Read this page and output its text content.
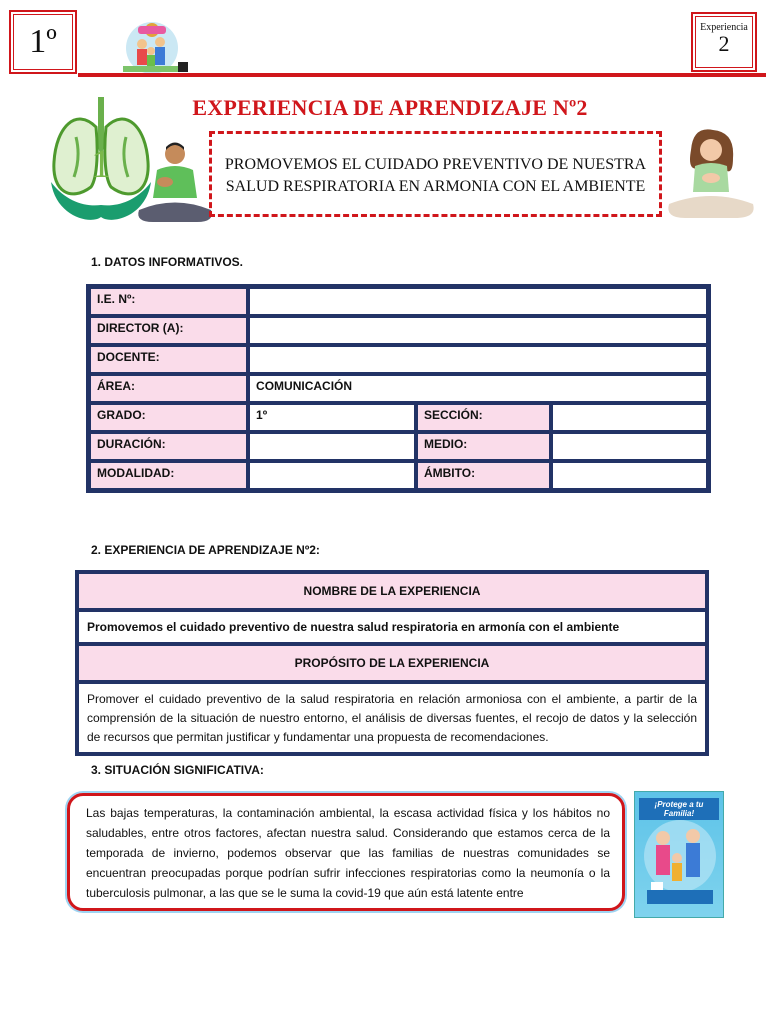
1º	Experiencia
2
1
EXPERIENCIA DE APRENDIZAJE Nº2
PROMOVEMOS EL CUIDADO PREVENTIVO DE NUESTRA
SALUD RESPIRATORIA EN ARMONIA CON EL AMBIENTE
1. DATOS INFORMATIVOS.
I.E. Nº:			
DIRECTOR (A):			
DOCENTE:			
ÁREA:	COMUNICACIÓN		
GRADO:	1º	SECCIÓN:	
DURACIÓN:		MEDIO:	
MODALIDAD:		ÁMBITO:	
2. EXPERIENCIA DE APRENDIZAJE Nº2:
NOMBRE DE LA EXPERIENCIA
Promovemos el cuidado preventivo de nuestra salud respiratoria en armonía con el ambiente
PROPÓSITO DE LA EXPERIENCIA
Promover el cuidado preventivo de la salud respiratoria en relación armoniosa con el ambiente, a partir de la comprensión de la situación de nuestro entorno, el análisis de diversas fuentes, el recojo de datos y la selección de recursos que permitan justificar y fundamentar una propuesta de recomendaciones.
3. SITUACIÓN SIGNIFICATIVA:

Las bajas temperaturas, la contaminación ambiental, la escasa actividad física y los hábitos no saludables, entre otros factores, afectan nuestra salud. Considerando que estamos cerca de la temporada de invierno, podemos observar que las familias de nuestras comunidades se encuentran preocupadas porque podrían sufrir infecciones respiratorias como la neumonía o la tuberculosis pulmonar, a las que se le suma la covid-19 que aún está latente entre

¡Protege a tu Familia!
